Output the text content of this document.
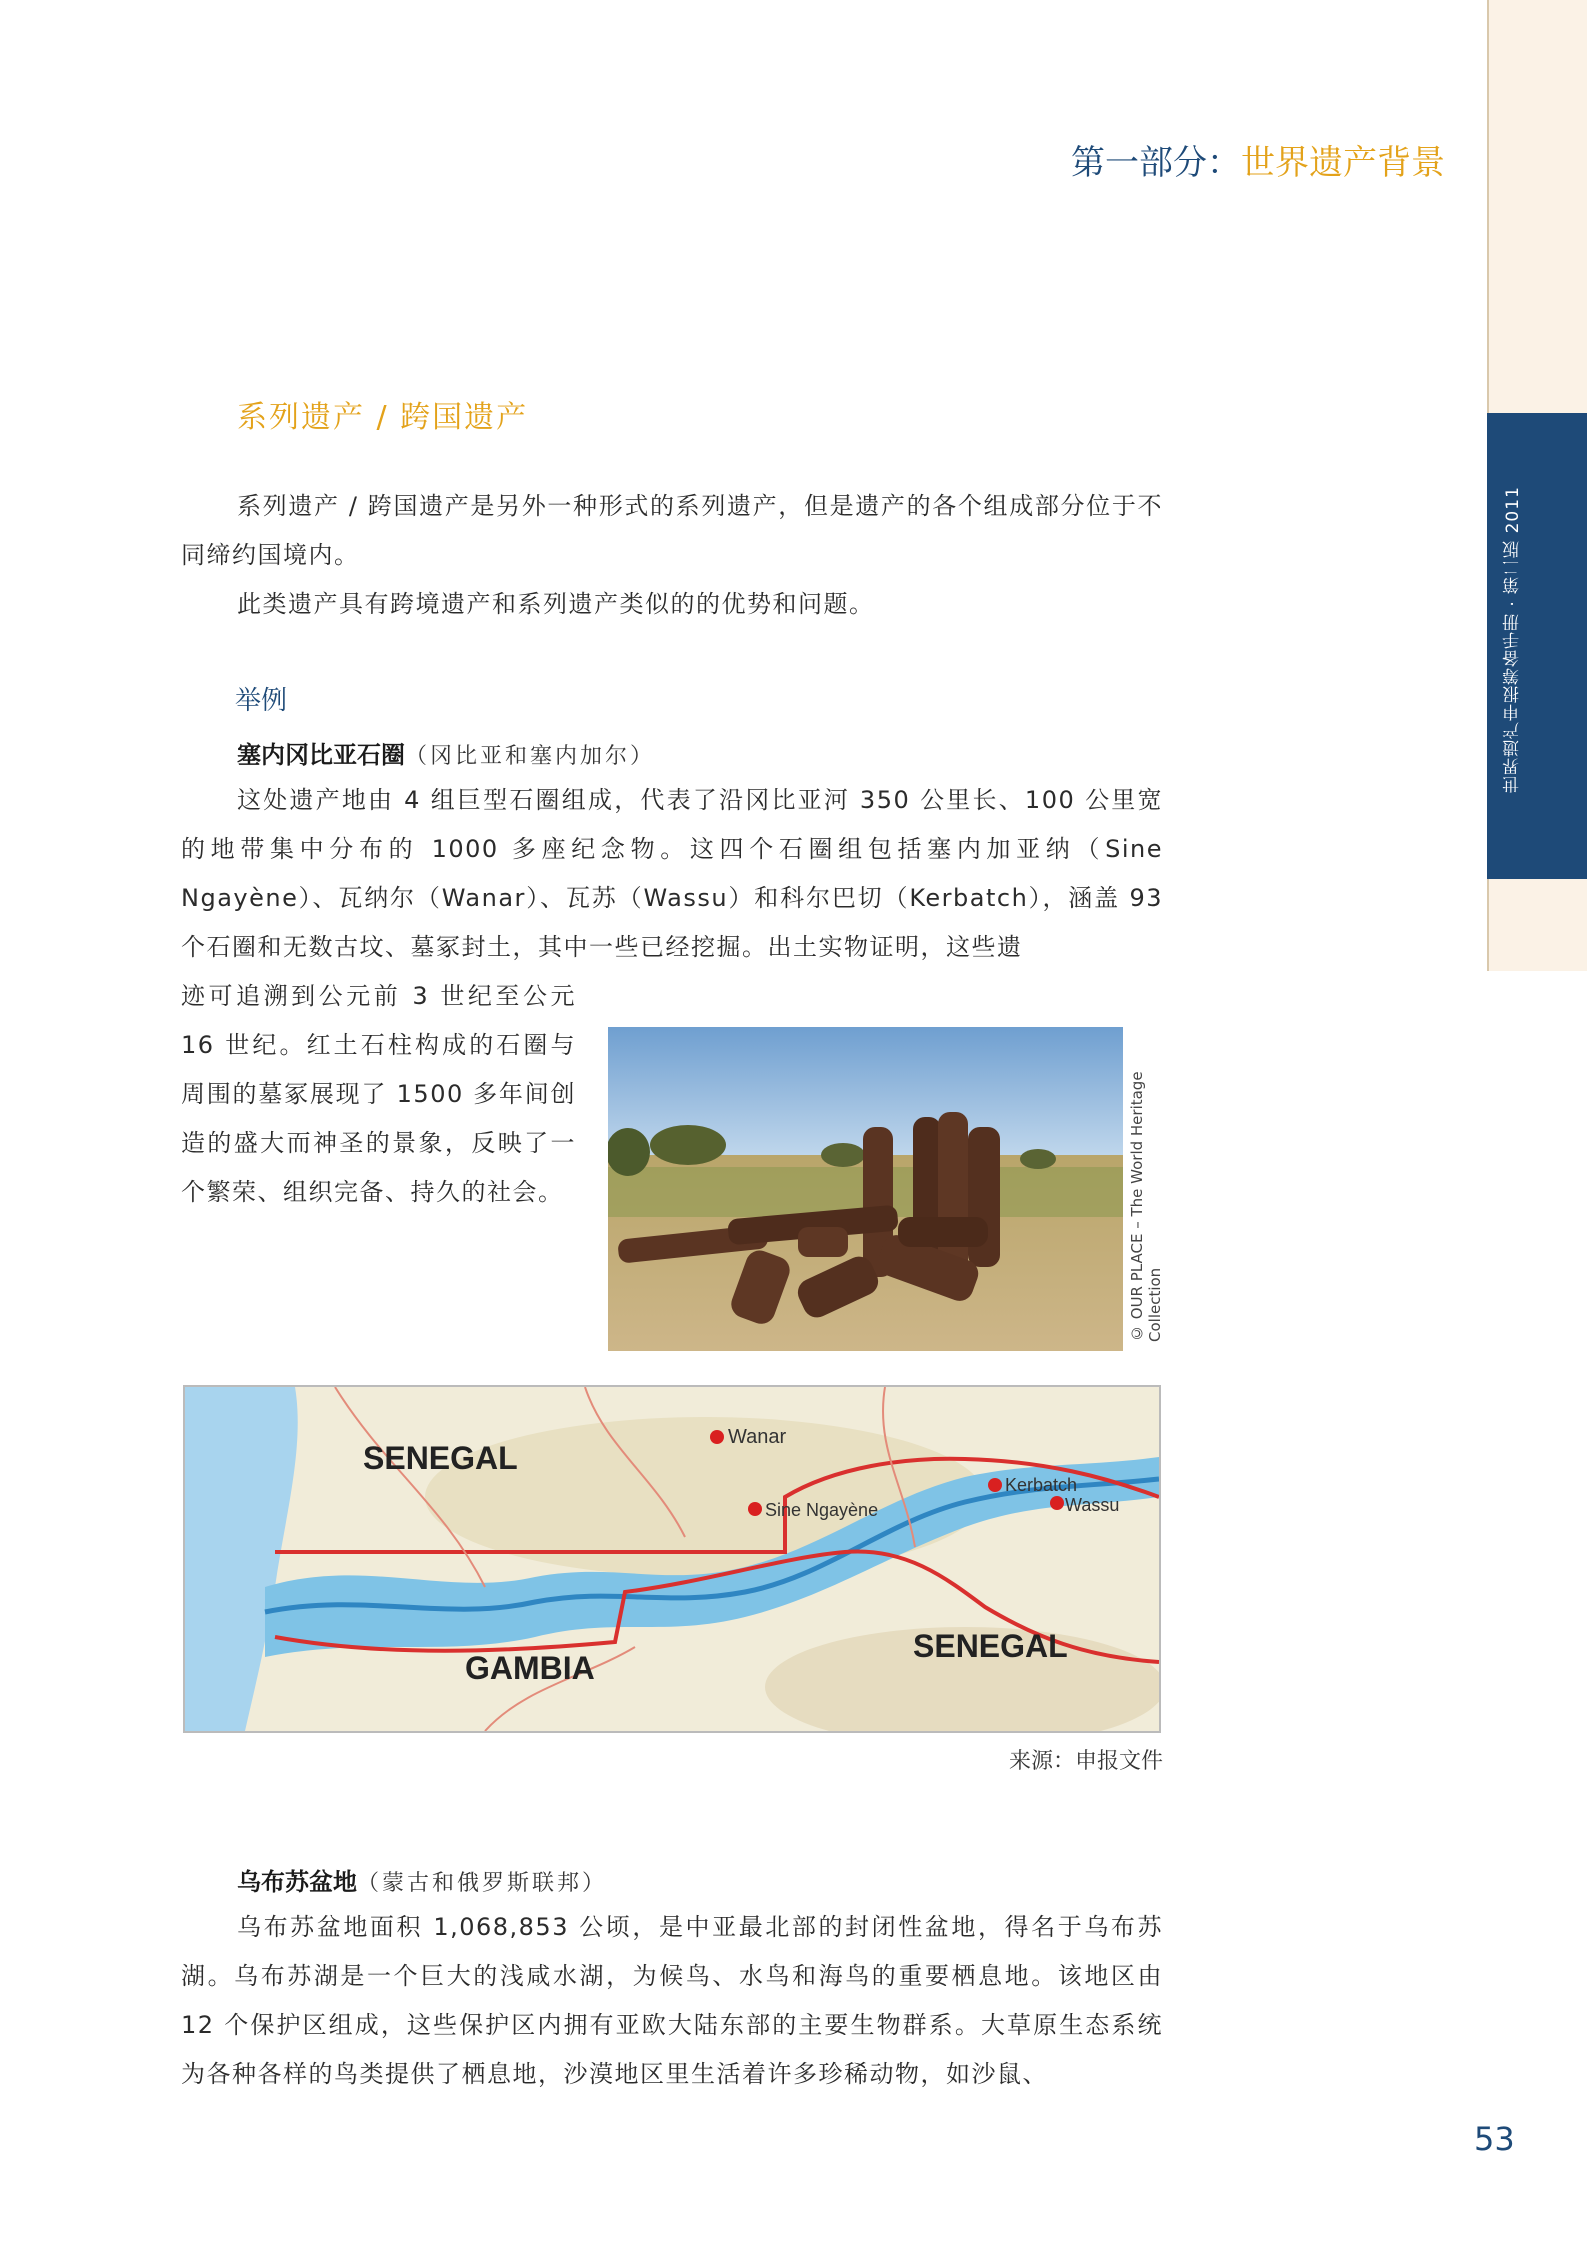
世界遗产申报筹备手册 · 第二版 2011
第一部分：世界遗产背景
系列遗产 / 跨国遗产

系列遗产 / 跨国遗产是另外一种形式的系列遗产，但是遗产的各个组成部分位于不同缔约国境内。

此类遗产具有跨境遗产和系列遗产类似的的优势和问题。

举例
塞内冈比亚石圈（冈比亚和塞内加尔）

这处遗产地由 4 组巨型石圈组成，代表了沿冈比亚河 350 公里长、100 公里宽的地带集中分布的 1000 多座纪念物。这四个石圈组包括塞内加亚纳（Sine Ngayène）、瓦纳尔（Wanar）、瓦苏（Wassu）和科尔巴切（Kerbatch），涵盖 93 个石圈和无数古坟、墓冢封土，其中一些已经挖掘。出土实物证明，这些遗

迹可追溯到公元前 3 世纪至公元 16 世纪。红土石柱构成的石圈与周围的墓冢展现了 1500 多年间创造的盛大而神圣的景象，反映了一个繁荣、组织完备、持久的社会。	© OUR PLACE – The World Heritage Collection
SENEGAL
GAMBIA
SENEGAL
Wanar
Sine Ngayène
Kerbatch
Wassu
来源：申报文件
乌布苏盆地（蒙古和俄罗斯联邦）

乌布苏盆地面积 1,068,853 公顷，是中亚最北部的封闭性盆地，得名于乌布苏湖。乌布苏湖是一个巨大的浅咸水湖，为候鸟、水鸟和海鸟的重要栖息地。该地区由 12 个保护区组成，这些保护区内拥有亚欧大陆东部的主要生物群系。大草原生态系统为各种各样的鸟类提供了栖息地，沙漠地区里生活着许多珍稀动物，如沙鼠、

53
